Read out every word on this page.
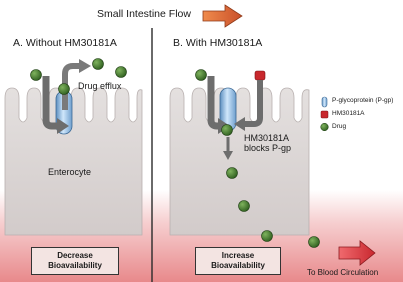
Small Intestine Flow
A. Without HM30181A	B. With HM30181A
Drug efflux
Enterocyte
HM30181A
blocks P-gp
Decrease
Bioavailability
Increase
Bioavailability
To Blood Circulation
P-glycoprotein (P-gp)
HM30181A
Drug
